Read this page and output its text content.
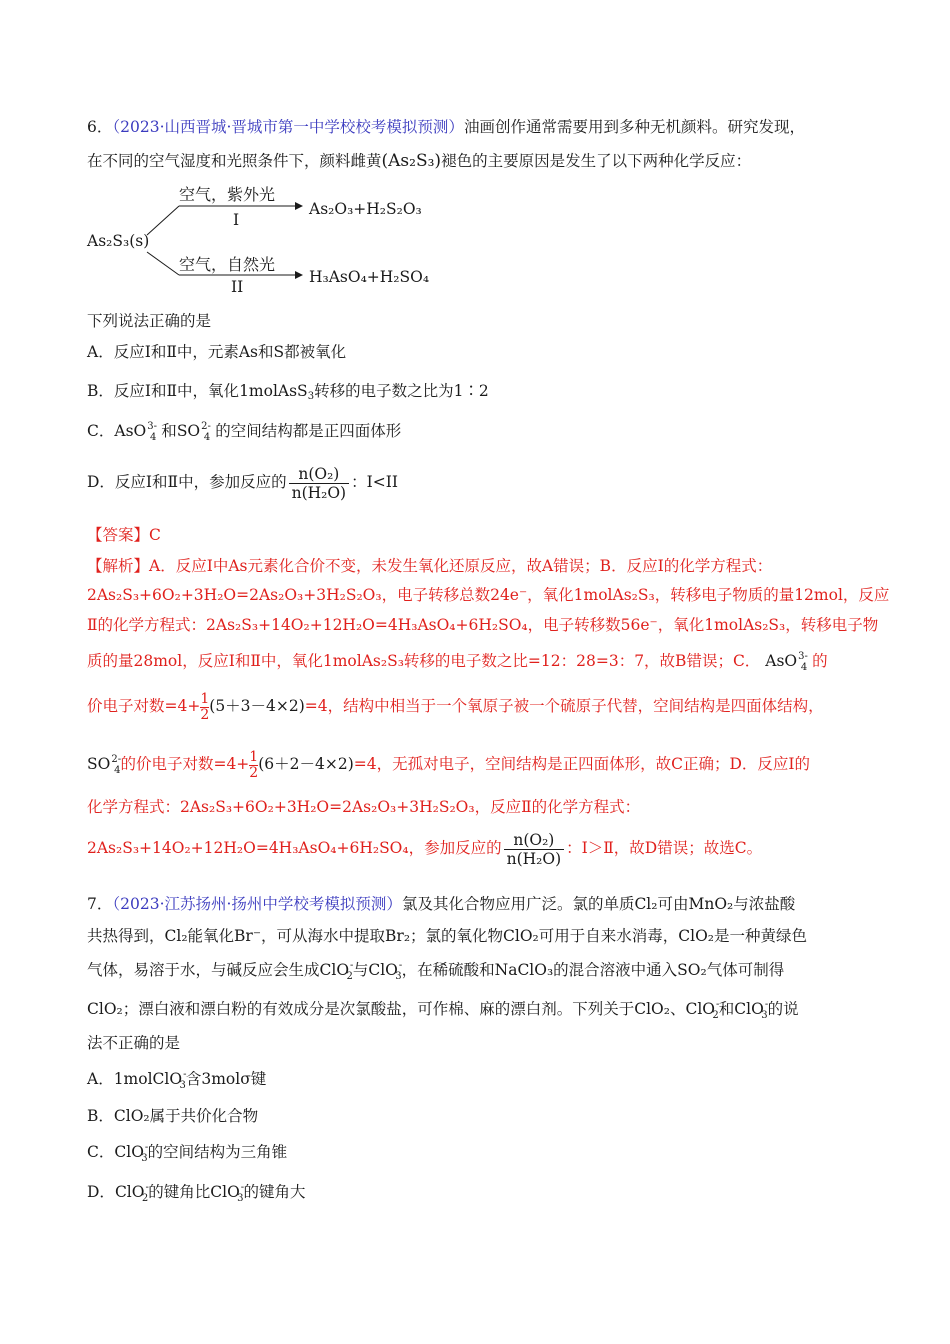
6．（2023·山西晋城·晋城市第一中学校校考模拟预测）油画创作通常需要用到多种无机颜料。研究发现，
在不同的空气湿度和光照条件下，颜料雌黄(As₂S₃)褪色的主要原因是发生了以下两种化学反应：
As₂S₃(s)
空气，紫外光
I
As₂O₃+H₂S₂O₃
空气，自然光
II
H₃AsO₄+H₂SO₄
下列说法正确的是
A．反应Ⅰ和Ⅱ中，元素As和S都被氧化
B．反应Ⅰ和Ⅱ中，氧化1molAsS$_3$转移的电子数之比为1∶2
C．AsO$^{3-}_4$ 和$SO^{2-}_4$ 的空间结构都是正四面体形
D．反应Ⅰ和Ⅱ中，参加反应的 $\frac{\text{n(O₂)}}{\text{n(H₂O)}}$ ：I<II
【答案】C
【解析】A．反应Ⅰ中As元素化合价不变，未发生氧化还原反应，故A错误；B．反应Ⅰ的化学方程式：
2As₂S₃+6O₂+3H₂O=2As₂O₃+3H₂S₂O₃，电子转移总数24e⁻，氧化1molAs₂S₃，转移电子物质的量12mol，反应
Ⅱ的化学方程式：2As₂S₃+14O₂+12H₂O=4H₃AsO₄+6H₂SO₄，电子转移数56e⁻，氧化1molAs₂S₃，转移电子物
质的量28mol，反应Ⅰ和Ⅱ中，氧化1molAs₂S₃转移的电子数之比=12：28=3：7，故B错误；C． AsO$^{3-}_4$ 的
价电子对数$=4+ \frac{1}{2} (5+3-4\times 2)=4$，结构中相当于一个氧原子被一个硫原子代替，空间结构是四面体结构，
$SO^{2-}_4$的价电子对数$=4+ \frac{1}{2} (6+2-4\times 2)=4$，无孤对电子，空间结构是正四面体形，故C正确；D．反应Ⅰ的
化学方程式：2As₂S₃+6O₂+3H₂O=2As₂O₃+3H₂S₂O₃，反应Ⅱ的化学方程式：
2As₂S₃+14O₂+12H₂O=4H₃AsO₄+6H₂SO₄，参加反应的 $\frac{\text{n(O₂)}}{\text{n(H₂O)}}$ ：Ⅰ＞Ⅱ，故D错误；故选C。
7．（2023·江苏扬州·扬州中学校考模拟预测）氯及其化合物应用广泛。氯的单质Cl₂可由MnO₂与浓盐酸
共热得到，Cl₂能氧化Br⁻，可从海水中提取Br₂；氯的氧化物ClO₂可用于自来水消毒，ClO₂是一种黄绿色
气体，易溶于水，与碱反应会生成ClO-$_2$与ClO-$_3$，在稀硫酸和NaClO₃的混合溶液中通入SO₂气体可制得
ClO₂；漂白液和漂白粉的有效成分是次氯酸盐，可作棉、麻的漂白剂。下列关于ClO₂、ClO-$_2$和ClO-$_3$的说
法不正确的是
A．1molClO-$_3$含3molσ键
B．ClO₂属于共价化合物
C．ClO-$_3$的空间结构为三角锥
D．ClO-$_2$的键角比ClO-$_3$的键角大
